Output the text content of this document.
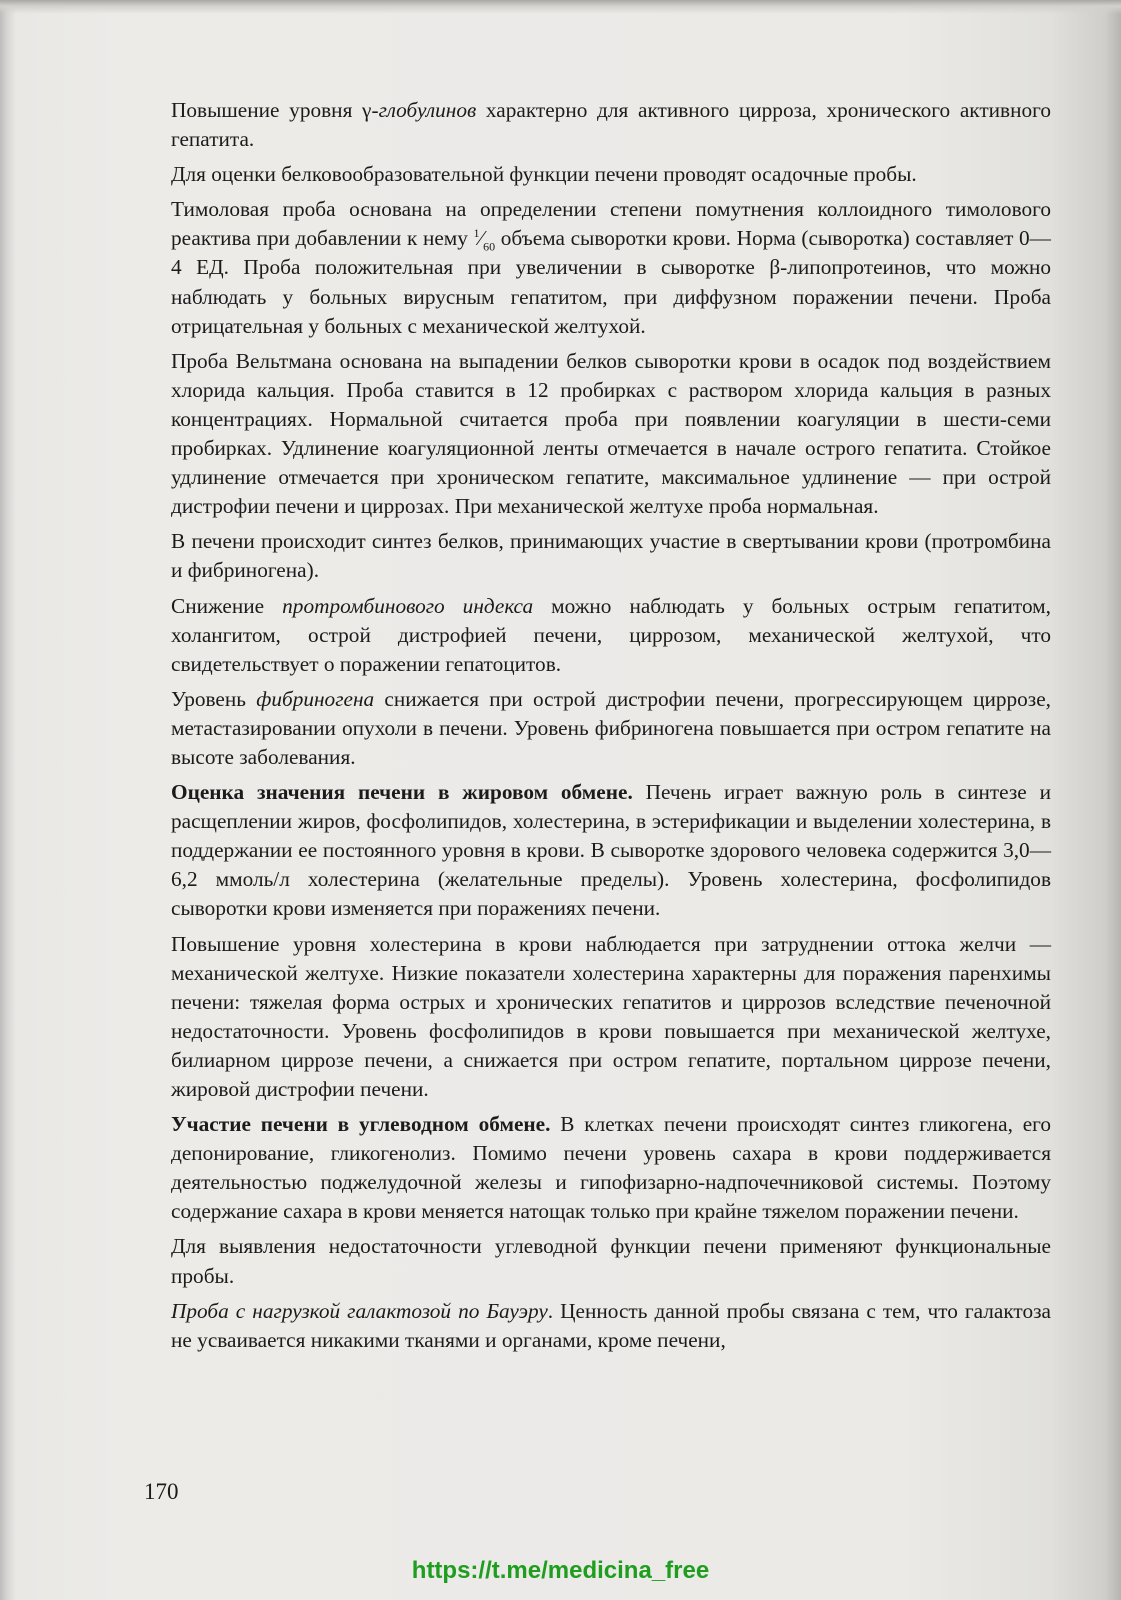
Повышение уровня γ-глобулинов характерно для активного цирроза, хронического активного гепатита.

Для оценки белковообразовательной функции печени проводят осадочные пробы.

Тимоловая проба основана на определении степени помутнения коллоидного тимолового реактива при добавлении к нему $^1⁄_{60}$ объема сыворотки крови. Норма (сыворотка) составляет 0—4 ЕД. Проба положительная при увеличении в сыворотке β-липопротеинов, что можно наблюдать у больных вирусным гепатитом, при диффузном поражении печени. Проба отрицательная у больных с механической желтухой.

Проба Вельтмана основана на выпадении белков сыворотки крови в осадок под воздействием хлорида кальция. Проба ставится в 12 пробирках с раствором хлорида кальция в разных концентрациях. Нормальной считается проба при появлении коагуляции в шести-семи пробирках. Удлинение коагуляционной ленты отмечается в начале острого гепатита. Стойкое удлинение отмечается при хроническом гепатите, максимальное удлинение — при острой дистрофии печени и циррозах. При механической желтухе проба нормальная.

В печени происходит синтез белков, принимающих участие в свертывании крови (протромбина и фибриногена).

Снижение протромбинового индекса можно наблюдать у больных острым гепатитом, холангитом, острой дистрофией печени, циррозом, механической желтухой, что свидетельствует о поражении гепатоцитов.

Уровень фибриногена снижается при острой дистрофии печени, прогрессирующем циррозе, метастазировании опухоли в печени. Уровень фибриногена повышается при остром гепатите на высоте заболевания.

Оценка значения печени в жировом обмене. Печень играет важную роль в синтезе и расщеплении жиров, фосфолипидов, холестерина, в эстерификации и выделении холестерина, в поддержании ее постоянного уровня в крови. В сыворотке здорового человека содержится 3,0—6,2 ммоль/л холестерина (желательные пределы). Уровень холестерина, фосфолипидов сыворотки крови изменяется при поражениях печени.

Повышение уровня холестерина в крови наблюдается при затруднении оттока желчи — механической желтухе. Низкие показатели холестерина характерны для поражения паренхимы печени: тяжелая форма острых и хронических гепатитов и циррозов вследствие печеночной недостаточности. Уровень фосфолипидов в крови повышается при механической желтухе, билиарном циррозе печени, а снижается при остром гепатите, портальном циррозе печени, жировой дистрофии печени.

Участие печени в углеводном обмене. В клетках печени происходят синтез гликогена, его депонирование, гликогенолиз. Помимо печени уровень сахара в крови поддерживается деятельностью поджелудочной железы и гипофизарно-надпочечниковой системы. Поэтому содержание сахара в крови меняется натощак только при крайне тяжелом поражении печени.

Для выявления недостаточности углеводной функции печени применяют функциональные пробы.

Проба с нагрузкой галактозой по Бауэру. Ценность данной пробы связана с тем, что галактоза не усваивается никакими тканями и органами, кроме печени,

170
https://t.me/medicina_free
